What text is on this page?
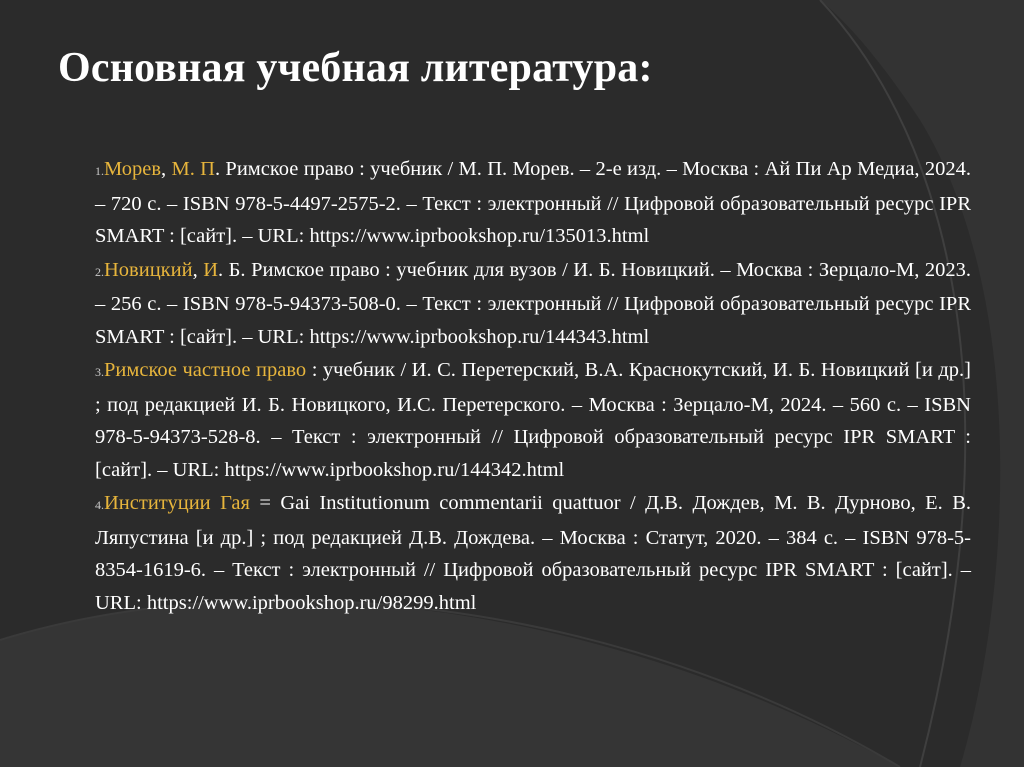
Основная учебная литература:
1.Морев, М. П. Римское право : учебник / М. П. Морев. – 2-е изд. – Москва : Ай Пи Ар Медиа, 2024. – 720 с. – ISBN 978-5-4497-2575-2. – Текст : электронный // Цифровой образовательный ресурс IPR SMART : [сайт]. – URL: https://www.iprbookshop.ru/135013.html
2.Новицкий, И. Б. Римское право : учебник для вузов / И. Б. Новицкий. – Москва : Зерцало-М, 2023. – 256 с. – ISBN 978-5-94373-508-0. – Текст : электронный // Цифровой образовательный ресурс IPR SMART : [сайт]. – URL: https://www.iprbookshop.ru/144343.html
3.Римское частное право : учебник / И. С. Перетерский, В.А. Краснокутский, И. Б. Новицкий [и др.] ; под редакцией И. Б. Новицкого, И.С. Перетерского. – Москва : Зерцало-М, 2024. – 560 с. – ISBN 978-5-94373-528-8. – Текст : электронный // Цифровой образовательный ресурс IPR SMART : [сайт]. – URL: https://www.iprbookshop.ru/144342.html
4.Институции Гая = Gai Institutionum commentarii quattuor / Д.В. Дождев, М. В. Дурново, Е. В. Ляпустина [и др.] ; под редакцией Д.В. Дождева. – Москва : Статут, 2020. – 384 с. – ISBN 978-5-8354-1619-6. – Текст : электронный // Цифровой образовательный ресурс IPR SMART : [сайт]. – URL: https://www.iprbookshop.ru/98299.html
